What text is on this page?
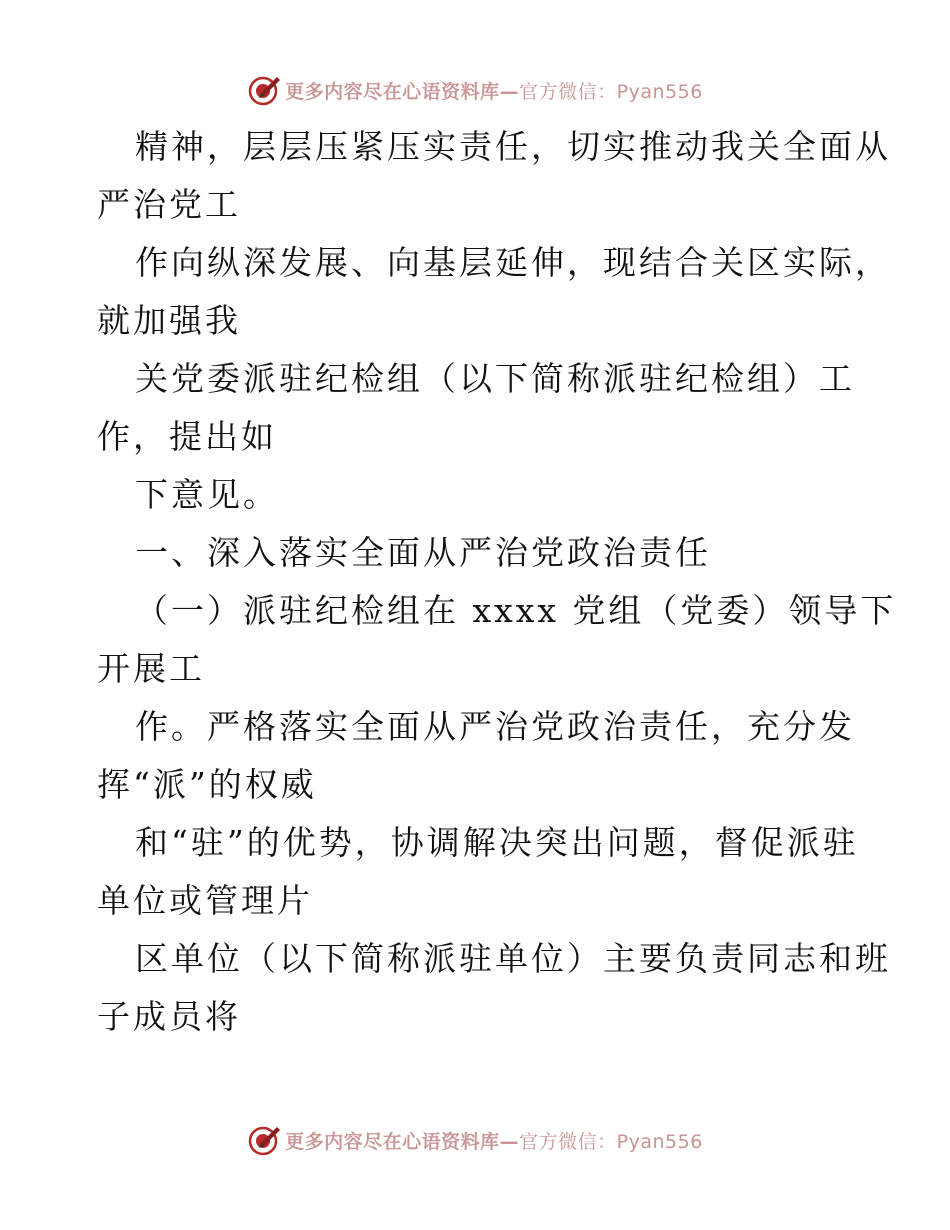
更多内容尽在心语资料库—官方微信：Pyan556
精神，层层压紧压实责任，切实推动我关全面从
严治党工
作向纵深发展、向基层延伸，现结合关区实际，
就加强我
关党委派驻纪检组（以下简称派驻纪检组）工
作，提出如
下意见。
一、深入落实全面从严治党政治责任
（一）派驻纪检组在 xxxx 党组（党委）领导下
开展工
作。严格落实全面从严治党政治责任，充分发
挥“派”的权威
和“驻”的优势，协调解决突出问题，督促派驻
单位或管理片
区单位（以下简称派驻单位）主要负责同志和班
子成员将
更多内容尽在心语资料库—官方微信：Pyan556
